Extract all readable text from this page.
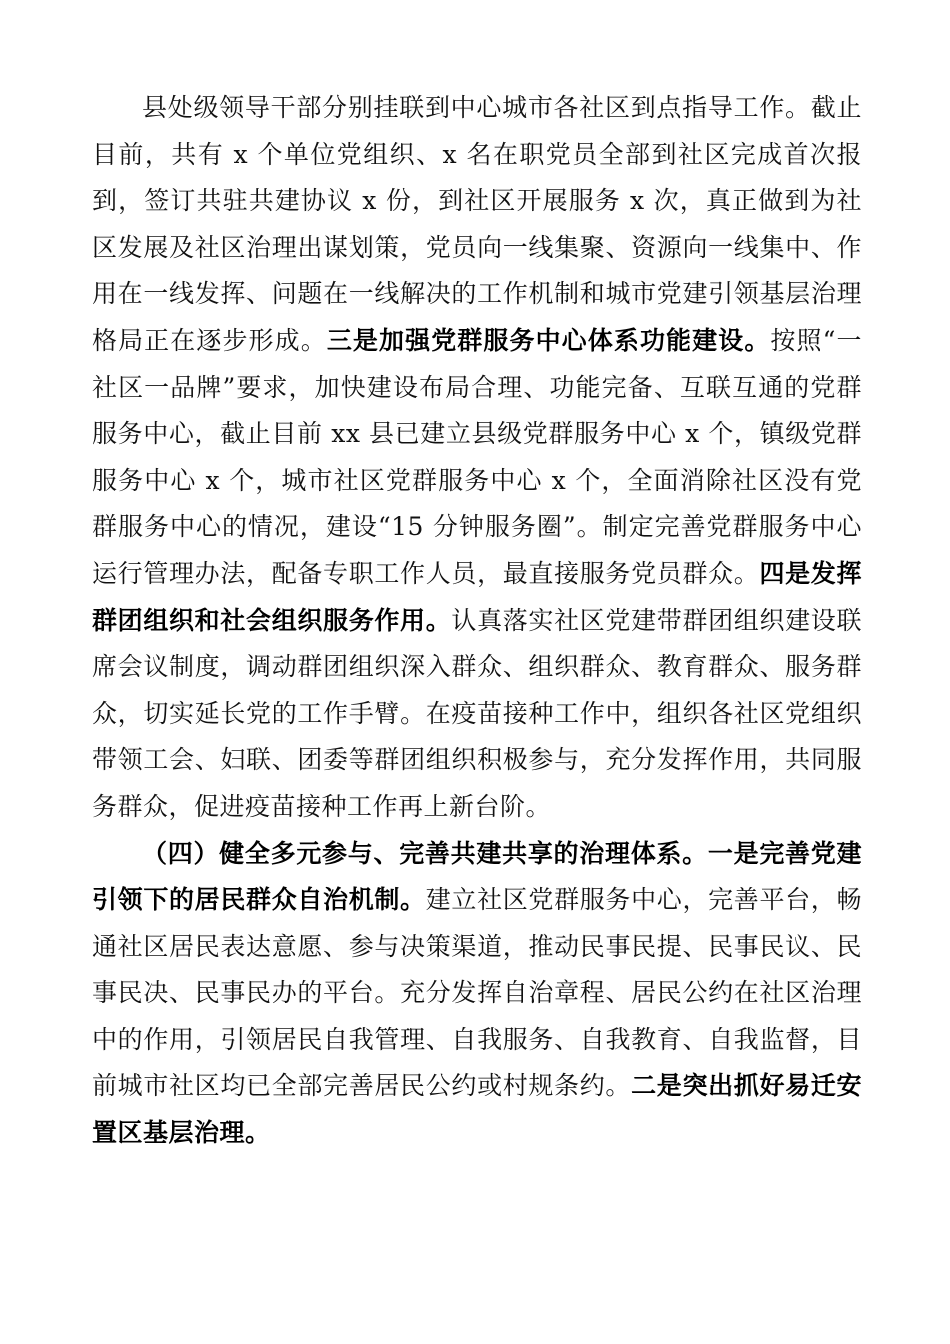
县处级领导干部分别挂联到中心城市各社区到点指导工作。截止目前，共有 x 个单位党组织、x 名在职党员全部到社区完成首次报到，签订共驻共建协议 x 份，到社区开展服务 x 次，真正做到为社区发展及社区治理出谋划策，党员向一线集聚、资源向一线集中、作用在一线发挥、问题在一线解决的工作机制和城市党建引领基层治理格局正在逐步形成。三是加强党群服务中心体系功能建设。按照“一社区一品牌”要求，加快建设布局合理、功能完备、互联互通的党群服务中心，截止目前 xx 县已建立县级党群服务中心 x 个，镇级党群服务中心 x 个，城市社区党群服务中心 x 个，全面消除社区没有党群服务中心的情况，建设“15 分钟服务圈”。制定完善党群服务中心运行管理办法，配备专职工作人员，最直接服务党员群众。四是发挥群团组织和社会组织服务作用。认真落实社区党建带群团组织建设联席会议制度，调动群团组织深入群众、组织群众、教育群众、服务群众，切实延长党的工作手臂。在疫苗接种工作中，组织各社区党组织带领工会、妇联、团委等群团组织积极参与，充分发挥作用，共同服务群众，促进疫苗接种工作再上新台阶。

（四）健全多元参与、完善共建共享的治理体系。一是完善党建引领下的居民群众自治机制。建立社区党群服务中心，完善平台，畅通社区居民表达意愿、参与决策渠道，推动民事民提、民事民议、民事民决、民事民办的平台。充分发挥自治章程、居民公约在社区治理中的作用，引领居民自我管理、自我服务、自我教育、自我监督，目前城市社区均已全部完善居民公约或村规条约。二是突出抓好易迁安置区基层治理。
